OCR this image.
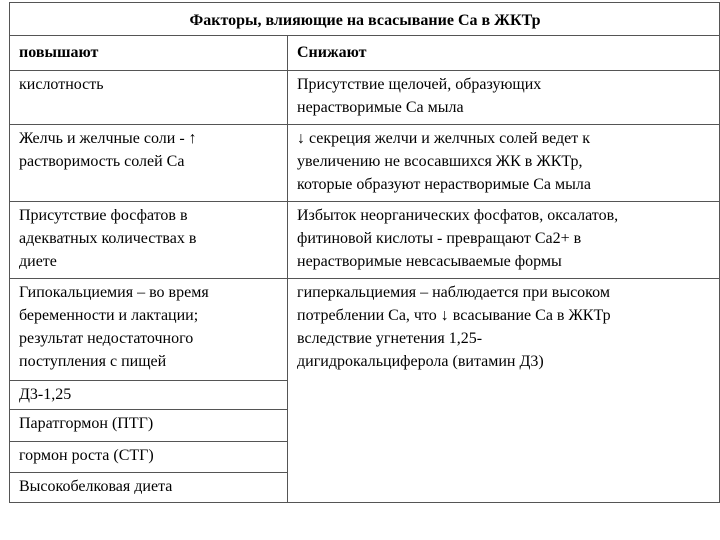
Факторы, влияющие на всасывание Са в ЖКТр	
повышают	Снижают

кислотность	Присутствие щелочей, образующих
нерастворимые Са мыла

Желчь и желчные соли - ↑
растворимость солей Са	↓ секреция желчи и желчных солей ведет к
увеличению не всосавшихся ЖК в ЖКТр,
которые образуют нерастворимые Са мыла

Присутствие фосфатов в
адекватных количествах в
диете	Избыток неорганических фосфатов, оксалатов,
фитиновой кислоты - превращают Са2+ в
нерастворимые невсасываемые формы

Гипокальциемия – во время
беременности и лактации;
результат недостаточного
поступления с пищей	гиперкальциемия – наблюдается при высоком
потреблении Са, что ↓ всасывание Са в ЖКТр
вследствие угнетения 1,25-
дигидрокальциферола (витамин Д3)

Д3-1,25	
Паратгормон (ПТГ)	
гормон роста (СТГ)	
Высокобелковая диета	
